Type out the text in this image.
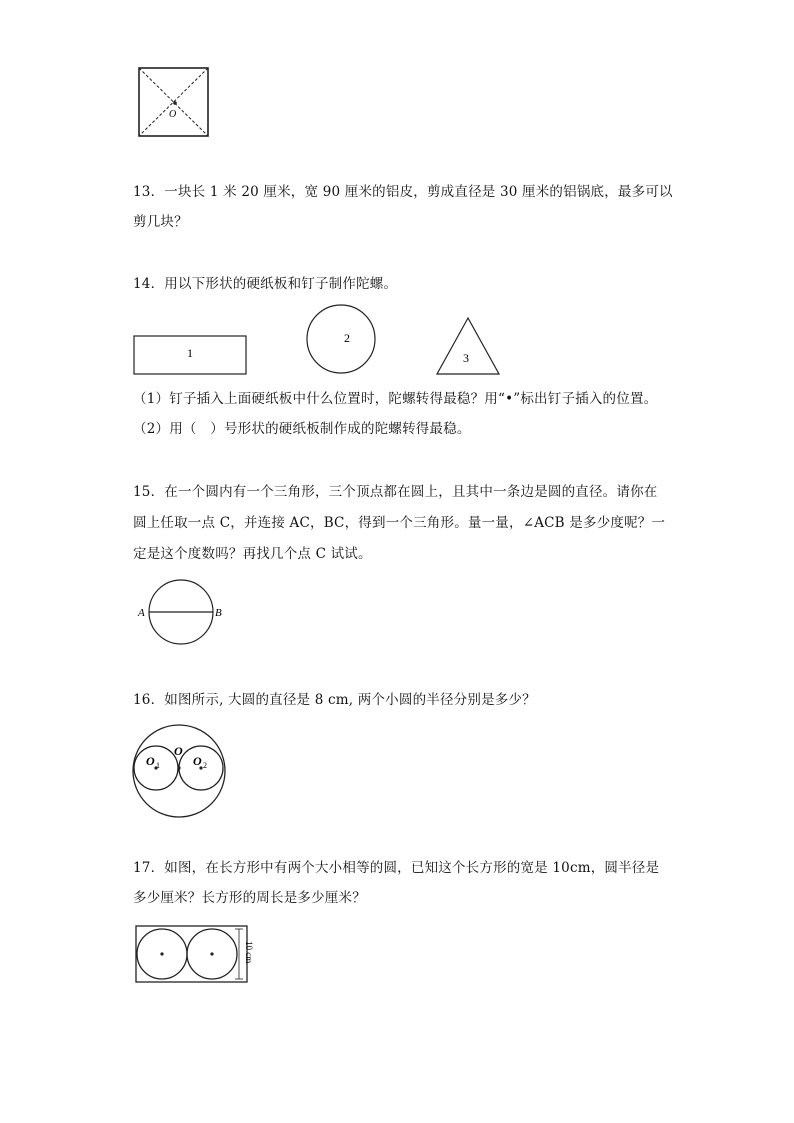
O
13．一块长 1 米 20 厘米，宽 90 厘米的铝皮，剪成直径是 30 厘米的铝锅底，最多可以
剪几块？
14．用以下形状的硬纸板和钉子制作陀螺。
1
2
3
（1）钉子插入上面硬纸板中什么位置时，陀螺转得最稳？用“•”标出钉子插入的位置。
（2）用（　）号形状的硬纸板制作成的陀螺转得最稳。
15．在一个圆内有一个三角形，三个顶点都在圆上，且其中一条边是圆的直径。请你在
圆上任取一点 C，并连接 AC，BC，得到一个三角形。量一量，∠ACB 是多少度呢？一
定是这个度数吗？再找几个点 C 试试。
A	B
16．如图所示, 大圆的直径是 8 cm, 两个小圆的半径分别是多少？
O
O 1	O 2
17．如图，在长方形中有两个大小相等的圆，已知这个长方形的宽是 10cm，圆半径是
多少厘米？长方形的周长是多少厘米？
10 cm
